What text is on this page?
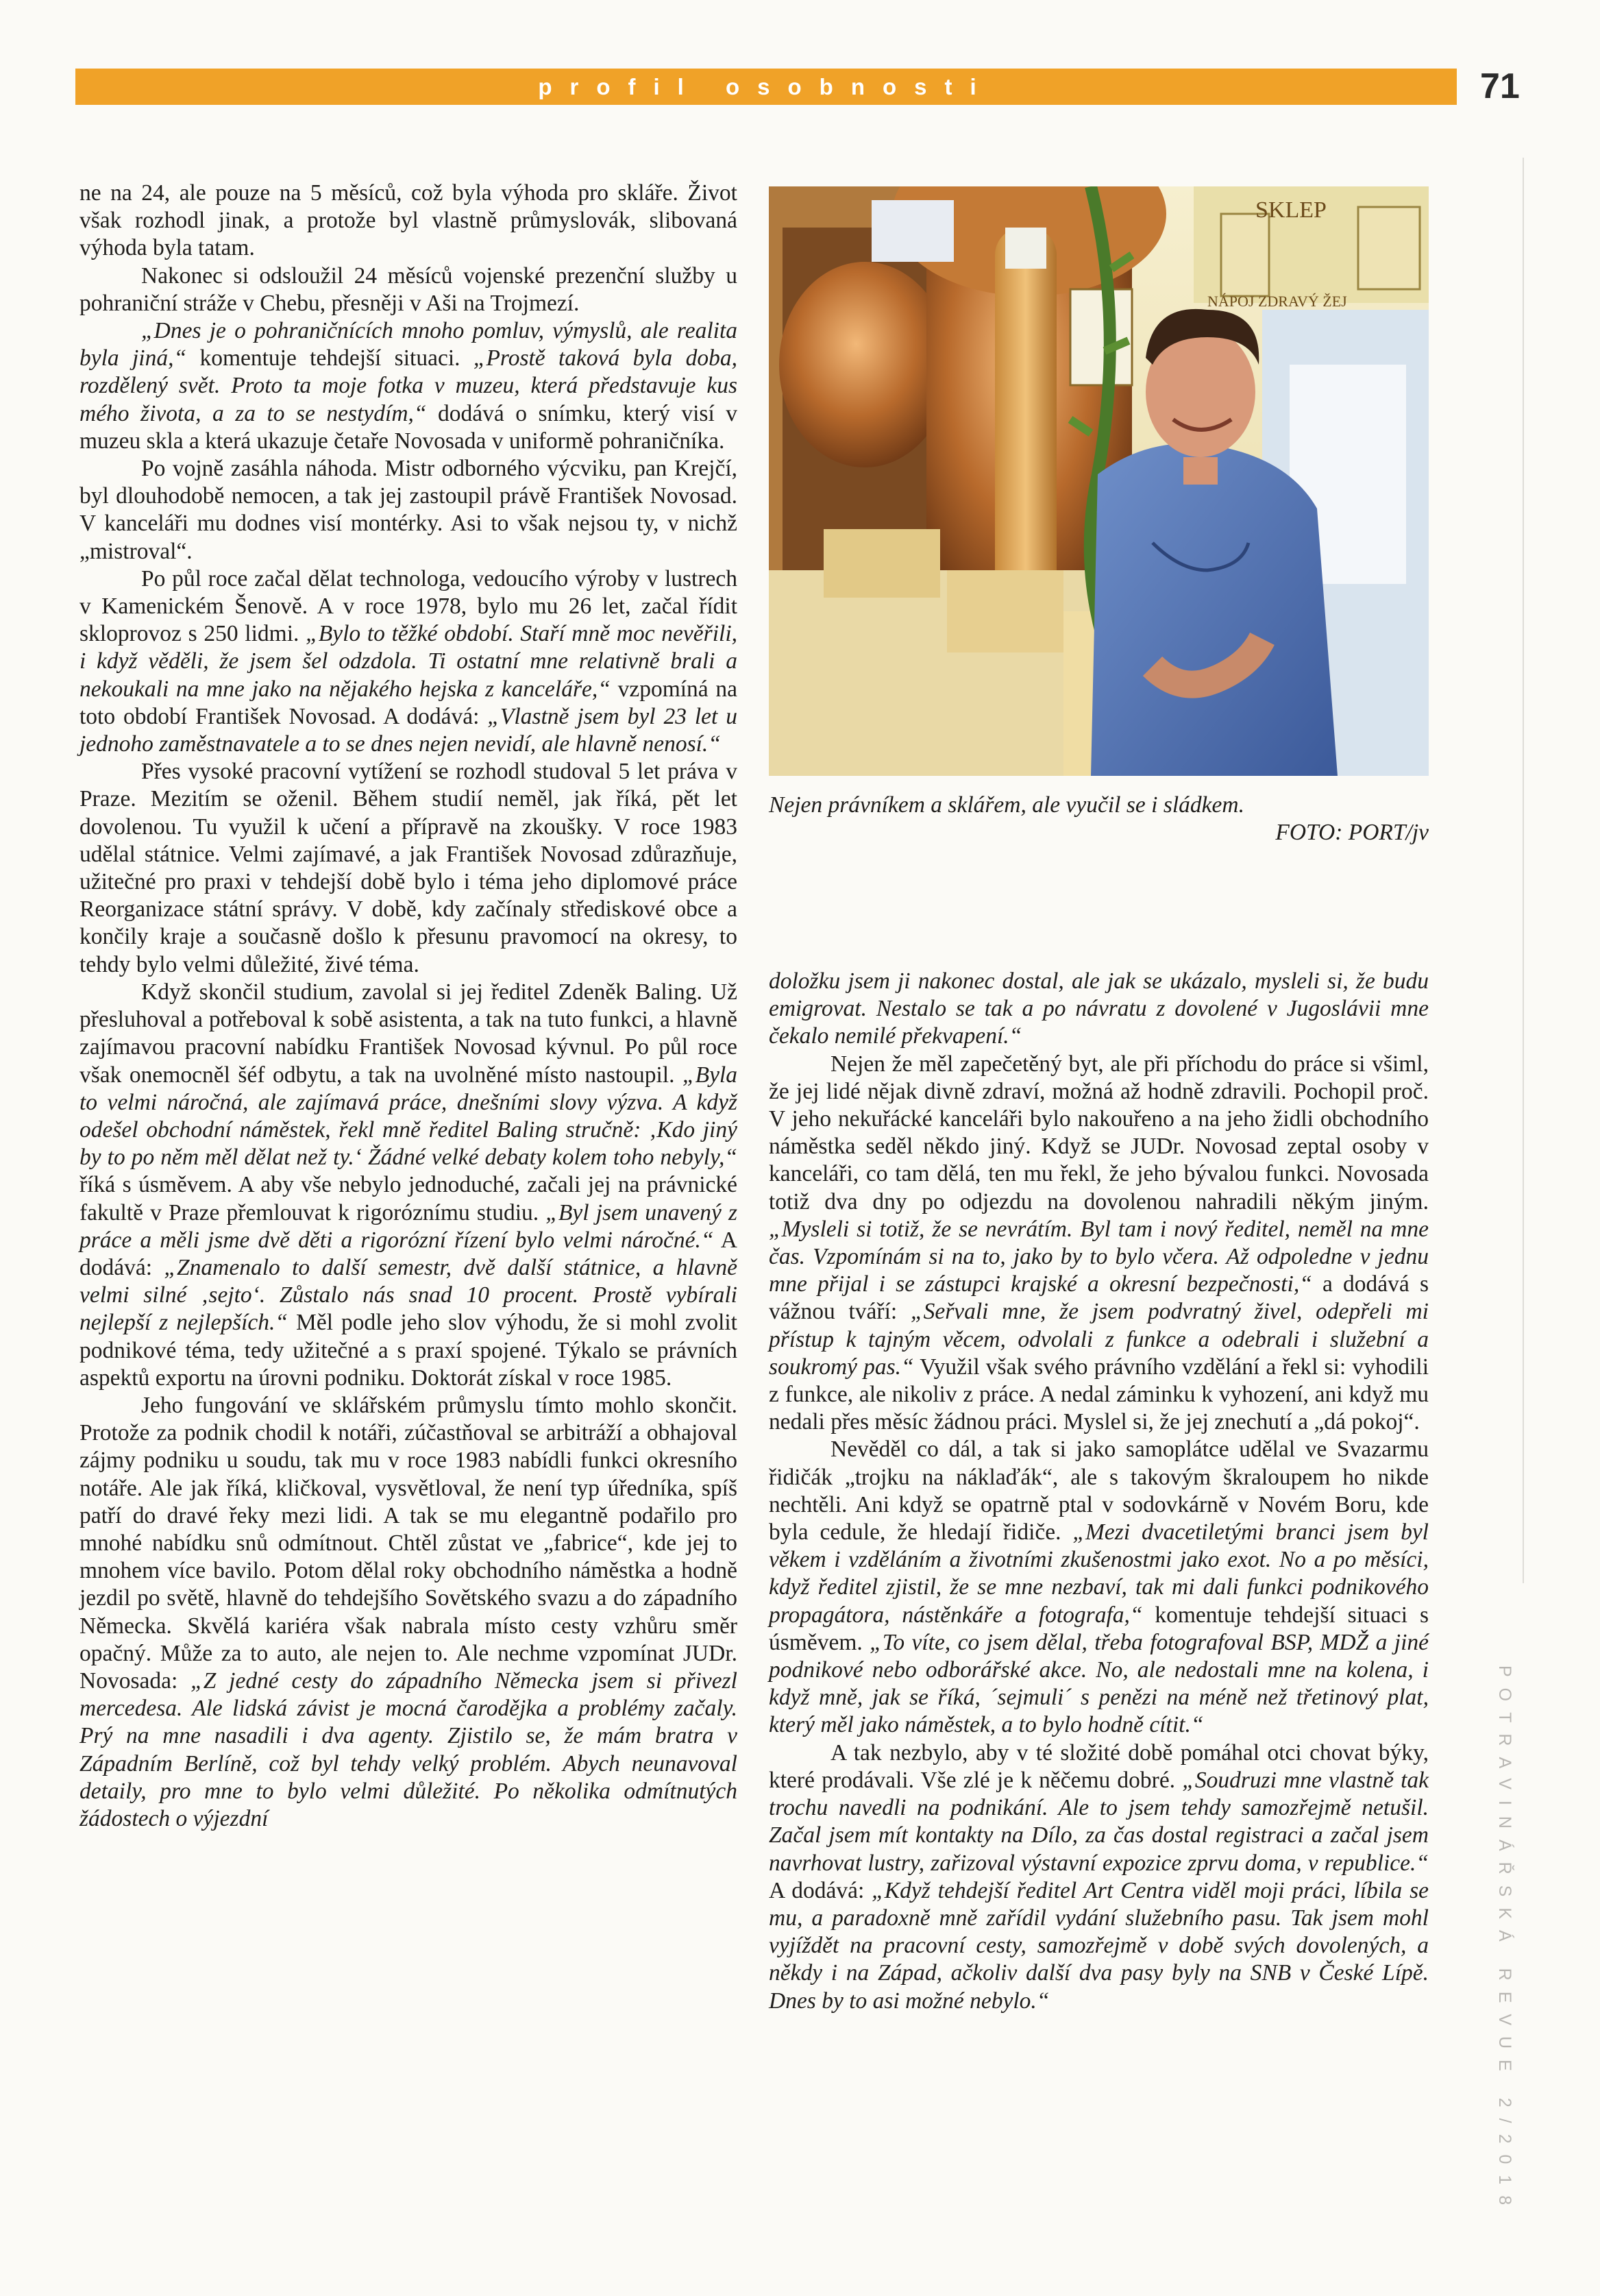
profil osobnosti	71

ne na 24, ale pouze na 5 měsíců, což byla výhoda pro skláře. Život však rozhodl jinak, a protože byl vlastně průmyslovák, slibovaná výhoda byla tatam.

Nakonec si odsloužil 24 měsíců vojenské prezenční služby u pohraniční stráže v Chebu, přesněji v Aši na Trojmezí.

„Dnes je o pohraničnících mnoho pomluv, výmyslů, ale realita byla jiná,“ komentuje tehdejší situaci. „Prostě taková byla doba, rozdělený svět. Proto ta moje fotka v muzeu, která představuje kus mého života, a za to se nestydím,“ dodává o snímku, který visí v muzeu skla a která ukazuje četaře Novosada v uniformě pohraničníka.

Po vojně zasáhla náhoda. Mistr odborného výcviku, pan Krejčí, byl dlouhodobě nemocen, a tak jej zastoupil právě František Novosad. V kanceláři mu dodnes visí montérky. Asi to však nejsou ty, v nichž „mistroval“.

Po půl roce začal dělat technologa, vedoucího výroby v lustrech v Kamenickém Šenově. A v roce 1978, bylo mu 26 let, začal řídit skloprovoz s 250 lidmi. „Bylo to těžké období. Staří mně moc nevěřili, i když věděli, že jsem šel odzdola. Ti ostatní mne relativně brali a nekoukali na mne jako na nějakého hejska z kanceláře,“ vzpomíná na toto období František Novosad. A dodává: „Vlastně jsem byl 23 let u jednoho zaměstnavatele a to se dnes nejen nevidí, ale hlavně nenosí.“

Přes vysoké pracovní vytížení se rozhodl studoval 5 let práva v Praze. Mezitím se oženil. Během studií neměl, jak říká, pět let dovolenou. Tu využil k učení a přípravě na zkoušky. V roce 1983 udělal státnice. Velmi zajímavé, a jak František Novosad zdůrazňuje, užitečné pro praxi v tehdejší době bylo i téma jeho diplomové práce Reorganizace státní správy. V době, kdy začínaly střediskové obce a končily kraje a současně došlo k přesunu pravomocí na okresy, to tehdy bylo velmi důležité, živé téma.

Když skončil studium, zavolal si jej ředitel Zdeněk Baling. Už přesluhoval a potřeboval k sobě asistenta, a tak na tuto funkci, a hlavně zajímavou pracovní nabídku František Novosad kývnul. Po půl roce však onemocněl šéf odbytu, a tak na uvolněné místo nastoupil. „Byla to velmi náročná, ale zajímavá práce, dnešními slovy výzva. A když odešel obchodní náměstek, řekl mně ředitel Baling stručně: ‚Kdo jiný by to po něm měl dělat než ty.‘ Žádné velké debaty kolem toho nebyly,“ říká s úsměvem. A aby vše nebylo jednoduché, začali jej na právnické fakultě v Praze přemlouvat k rigoróznímu studiu. „Byl jsem unavený z práce a měli jsme dvě děti a rigorózní řízení bylo velmi náročné.“ A dodává: „Znamenalo to další semestr, dvě další státnice, a hlavně velmi silné ‚sejto‘. Zůstalo nás snad 10 procent. Prostě vybírali nejlepší z nejlepších.“ Měl podle jeho slov výhodu, že si mohl zvolit podnikové téma, tedy užitečné a s praxí spojené. Týkalo se právních aspektů exportu na úrovni podniku. Doktorát získal v roce 1985.

Jeho fungování ve sklářském průmyslu tímto mohlo skončit. Protože za podnik chodil k notáři, zúčastňoval se arbitráží a obhajoval zájmy podniku u soudu, tak mu v roce 1983 nabídli funkci okresního notáře. Ale jak říká, kličkoval, vysvětloval, že není typ úředníka, spíš patří do dravé řeky mezi lidi. A tak se mu elegantně podařilo pro mnohé nabídku snů odmítnout. Chtěl zůstat ve „fabrice“, kde jej to mnohem více bavilo. Potom dělal roky obchodního náměstka a hodně jezdil po světě, hlavně do tehdejšího Sovětského svazu a do západního Německa. Skvělá kariéra však nabrala místo cesty vzhůru směr opačný. Může za to auto, ale nejen to. Ale nechme vzpomínat JUDr. Novosada: „Z jedné cesty do západního Německa jsem si přivezl mercedesa. Ale lidská závist je mocná čarodějka a problémy začaly. Prý na mne nasadili i dva agenty. Zjistilo se, že mám bratra v Západním Berlíně, což byl tehdy velký problém. Abych neunavoval detaily, pro mne to bylo velmi důležité. Po několika odmítnutých žádostech o výjezdní

SKLEP
NÁPOJ ZDRAVÝ ŽEJ
Nejen právníkem a sklářem, ale vyučil se i sládkem.
FOTO: PORT/jv

doložku jsem ji nakonec dostal, ale jak se ukázalo, mysleli si, že budu emigrovat. Nestalo se tak a po návratu z dovolené v Jugoslávii mne čekalo nemilé překvapení.“

Nejen že měl zapečetěný byt, ale při příchodu do práce si všiml, že jej lidé nějak divně zdraví, možná až hodně zdravili. Pochopil proč. V jeho nekuřácké kanceláři bylo nakouřeno a na jeho židli obchodního náměstka seděl někdo jiný. Když se JUDr. Novosad zeptal osoby v kanceláři, co tam dělá, ten mu řekl, že jeho bývalou funkci. Novosada totiž dva dny po odjezdu na dovolenou nahradili někým jiným. „Mysleli si totiž, že se nevrátím. Byl tam i nový ředitel, neměl na mne čas. Vzpomínám si na to, jako by to bylo včera. Až odpoledne v jednu mne přijal i se zástupci krajské a okresní bezpečnosti,“ a dodává s vážnou tváří: „Seřvali mne, že jsem podvratný živel, odepřeli mi přístup k tajným věcem, odvolali z funkce a odebrali i služební a soukromý pas.“ Využil však svého právního vzdělání a řekl si: vyhodili z funkce, ale nikoliv z práce. A nedal záminku k vyhození, ani když mu nedali přes měsíc žádnou práci. Myslel si, že jej znechutí a „dá pokoj“.

Nevěděl co dál, a tak si jako samoplátce udělal ve Svazarmu řidičák „trojku na náklaďák“, ale s takovým škraloupem ho nikde nechtěli. Ani když se opatrně ptal v sodovkárně v Novém Boru, kde byla cedule, že hledají řidiče. „Mezi dvacetiletými branci jsem byl věkem i vzděláním a životními zkušenostmi jako exot. No a po měsíci, když ředitel zjistil, že se mne nezbaví, tak mi dali funkci podnikového propagátora, nástěnkáře a fotografa,“ komentuje tehdejší situaci s úsměvem. „To víte, co jsem dělal, třeba fotografoval BSP, MDŽ a jiné podnikové nebo odborářské akce. No, ale nedostali mne na kolena, i když mně, jak se říká, ´sejmuli´ s penězi na méně než třetinový plat, který měl jako náměstek, a to bylo hodně cítit.“

A tak nezbylo, aby v té složité době pomáhal otci chovat býky, které prodávali. Vše zlé je k něčemu dobré. „Soudruzi mne vlastně tak trochu navedli na podnikání. Ale to jsem tehdy samozřejmě netušil. Začal jsem mít kontakty na Dílo, za čas dostal registraci a začal jsem navrhovat lustry, zařizoval výstavní expozice zprvu doma, v republice.“ A dodává: „Když tehdejší ředitel Art Centra viděl moji práci, líbila se mu, a paradoxně mně zařídil vydání služebního pasu. Tak jsem mohl vyjíždět na pracovní cesty, samozřejmě v době svých dovolených, a někdy i na Západ, ačkoliv další dva pasy byly na SNB v České Lípě. Dnes by to asi možné nebylo.“	POTRAVINÁŘSKÁ REVUE 2/2018
